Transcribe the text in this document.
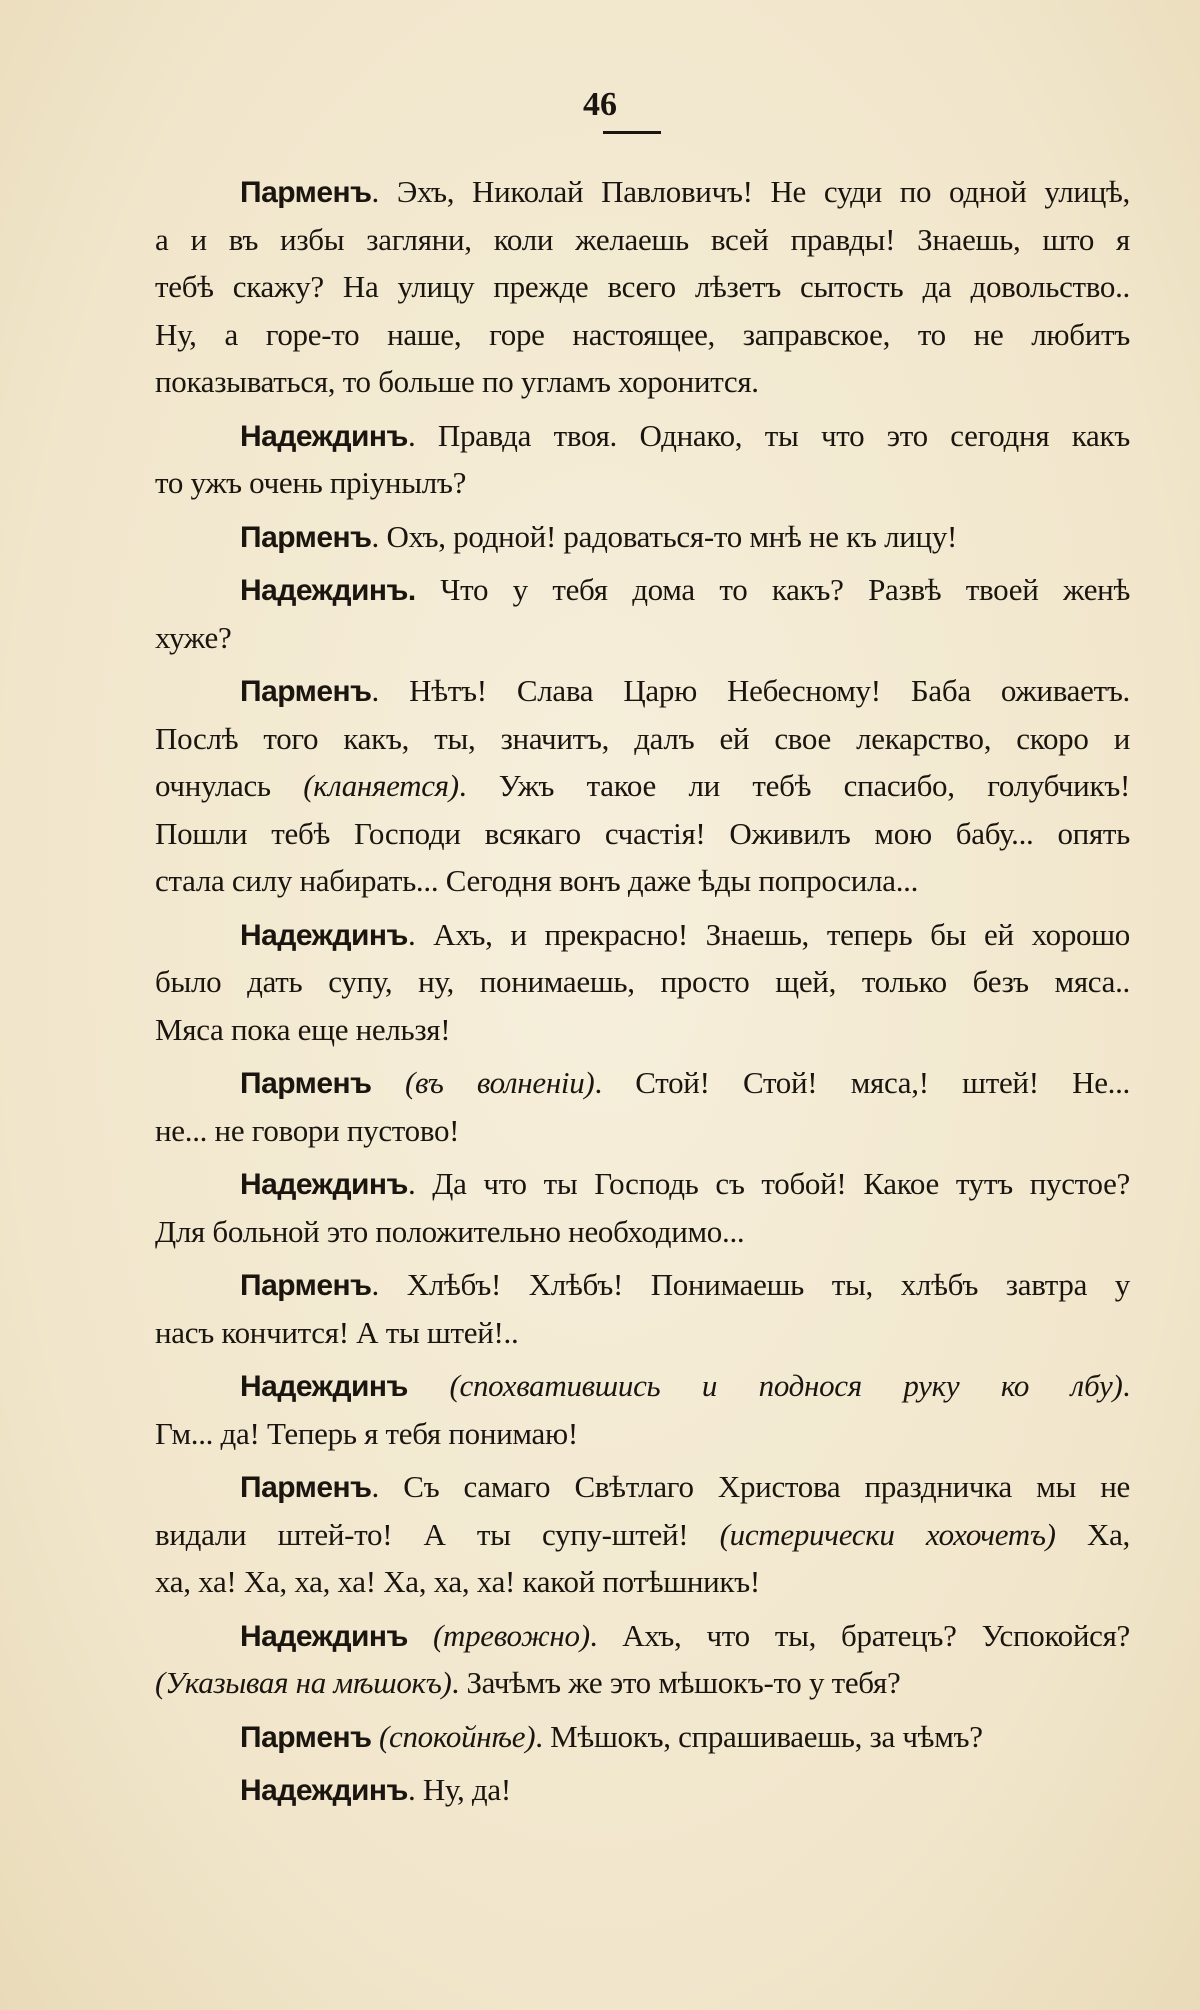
46
Парменъ. Эхъ, Николай Павловичъ! Не суди по одной улицѣ,
а и въ избы загляни, коли желаешь всей правды! Знаешь, што я
тебѣ скажу? На улицу прежде всего лѣзетъ сытость да довольство..
Ну, а горе-то наше, горе настоящее, заправское, то не любитъ
показываться, то больше по угламъ хоронится.
Надеждинъ. Правда твоя. Однако, ты что это сегодня какъ
то ужъ очень прiунылъ?
Парменъ. Охъ, родной! радоваться-то мнѣ не къ лицу!
Надеждинъ. Что у тебя дома то какъ? Развѣ твоей женѣ
хуже?
Парменъ. Нѣтъ! Слава Царю Небесному! Баба оживаетъ.
Послѣ того какъ, ты, значитъ, далъ ей свое лекарство, скоро и
очнулась (кланяется). Ужъ такое ли тебѣ спасибо, голубчикъ!
Пошли тебѣ Господи всякаго счастiя! Оживилъ мою бабу... опять
стала силу набирать... Сегодня вонъ даже ѣды попросила...
Надеждинъ. Ахъ, и прекрасно! Знаешь, теперь бы ей хорошо
было дать супу, ну, понимаешь, просто щей, только безъ мяса..
Мяса пока еще нельзя!
Парменъ (въ волненiи). Стой! Стой! мяса,! штей! Не...
не... не говори пустово!
Надеждинъ. Да что ты Господь съ тобой! Какое тутъ пустое?
Для больной это положительно необходимо...
Парменъ. Хлѣбъ! Хлѣбъ! Понимаешь ты, хлѣбъ завтра у
насъ кончится! А ты штей!..
Надеждинъ (спохватившись и поднося руку ко лбу).
Гм... да! Теперь я тебя понимаю!
Парменъ. Съ самаго Свѣтлаго Христова праздничка мы не
видали штей-то! А ты супу-штей! (истерически хохочетъ) Ха,
ха, ха! Ха, ха, ха! Ха, ха, ха! какой потѣшникъ!
Надеждинъ (тревожно). Ахъ, что ты, братецъ? Успокойся?
(Указывая на мѣшокъ). Зачѣмъ же это мѣшокъ-то у тебя?
Парменъ (спокойнѣе). Мѣшокъ, спрашиваешь, за чѣмъ?
Надеждинъ. Ну, да!
